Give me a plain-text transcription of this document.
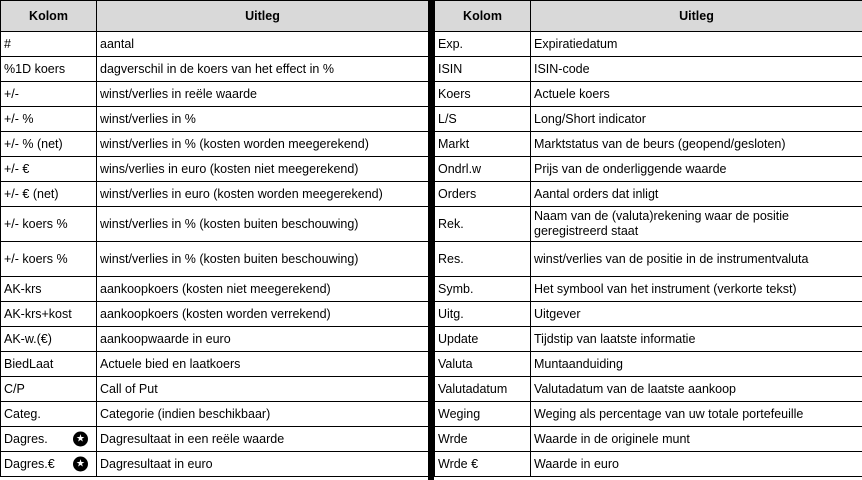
Kolom	Uitleg
#	aantal
%1D koers	dagverschil in de koers van het effect in %
+/-	winst/verlies in reële waarde
+/- %	winst/verlies in %
+/- % (net)	winst/verlies in % (kosten worden meegerekend)
+/- €	wins/verlies in euro (kosten niet meegerekend)
+/- € (net)	winst/verlies in euro (kosten worden meegerekend)
+/- koers %	winst/verlies in % (kosten buiten beschouwing)
+/- koers %	winst/verlies in % (kosten buiten beschouwing)
AK-krs	aankoopkoers (kosten niet meegerekend)
AK-krs+kost	aankoopkoers (kosten worden verrekend)
AK-w.(€)	aankoopwaarde in euro
BiedLaat	Actuele bied en laatkoers
C/P	Call of Put
Categ.	Categorie (indien beschikbaar)
Dagres. ★	Dagresultaat in een reële waarde
Dagres.€ ★	Dagresultaat in euro
Kolom	Uitleg
Exp.	Expiratiedatum
ISIN	ISIN-code
Koers	Actuele koers
L/S	Long/Short indicator
Markt	Marktstatus van de beurs (geopend/gesloten)
Ondrl.w	Prijs van de onderliggende waarde
Orders	Aantal orders dat inligt
Rek.	Naam van de (valuta)rekening waar de positie geregistreerd staat
Res.	winst/verlies van de positie in de instrumentvaluta
Symb.	Het symbool van het instrument (verkorte tekst)
Uitg.	Uitgever
Update	Tijdstip van laatste informatie
Valuta	Muntaanduiding
Valutadatum	Valutadatum van de laatste aankoop
Weging	Weging als percentage van uw totale portefeuille
Wrde	Waarde in de originele munt
Wrde €	Waarde in euro
